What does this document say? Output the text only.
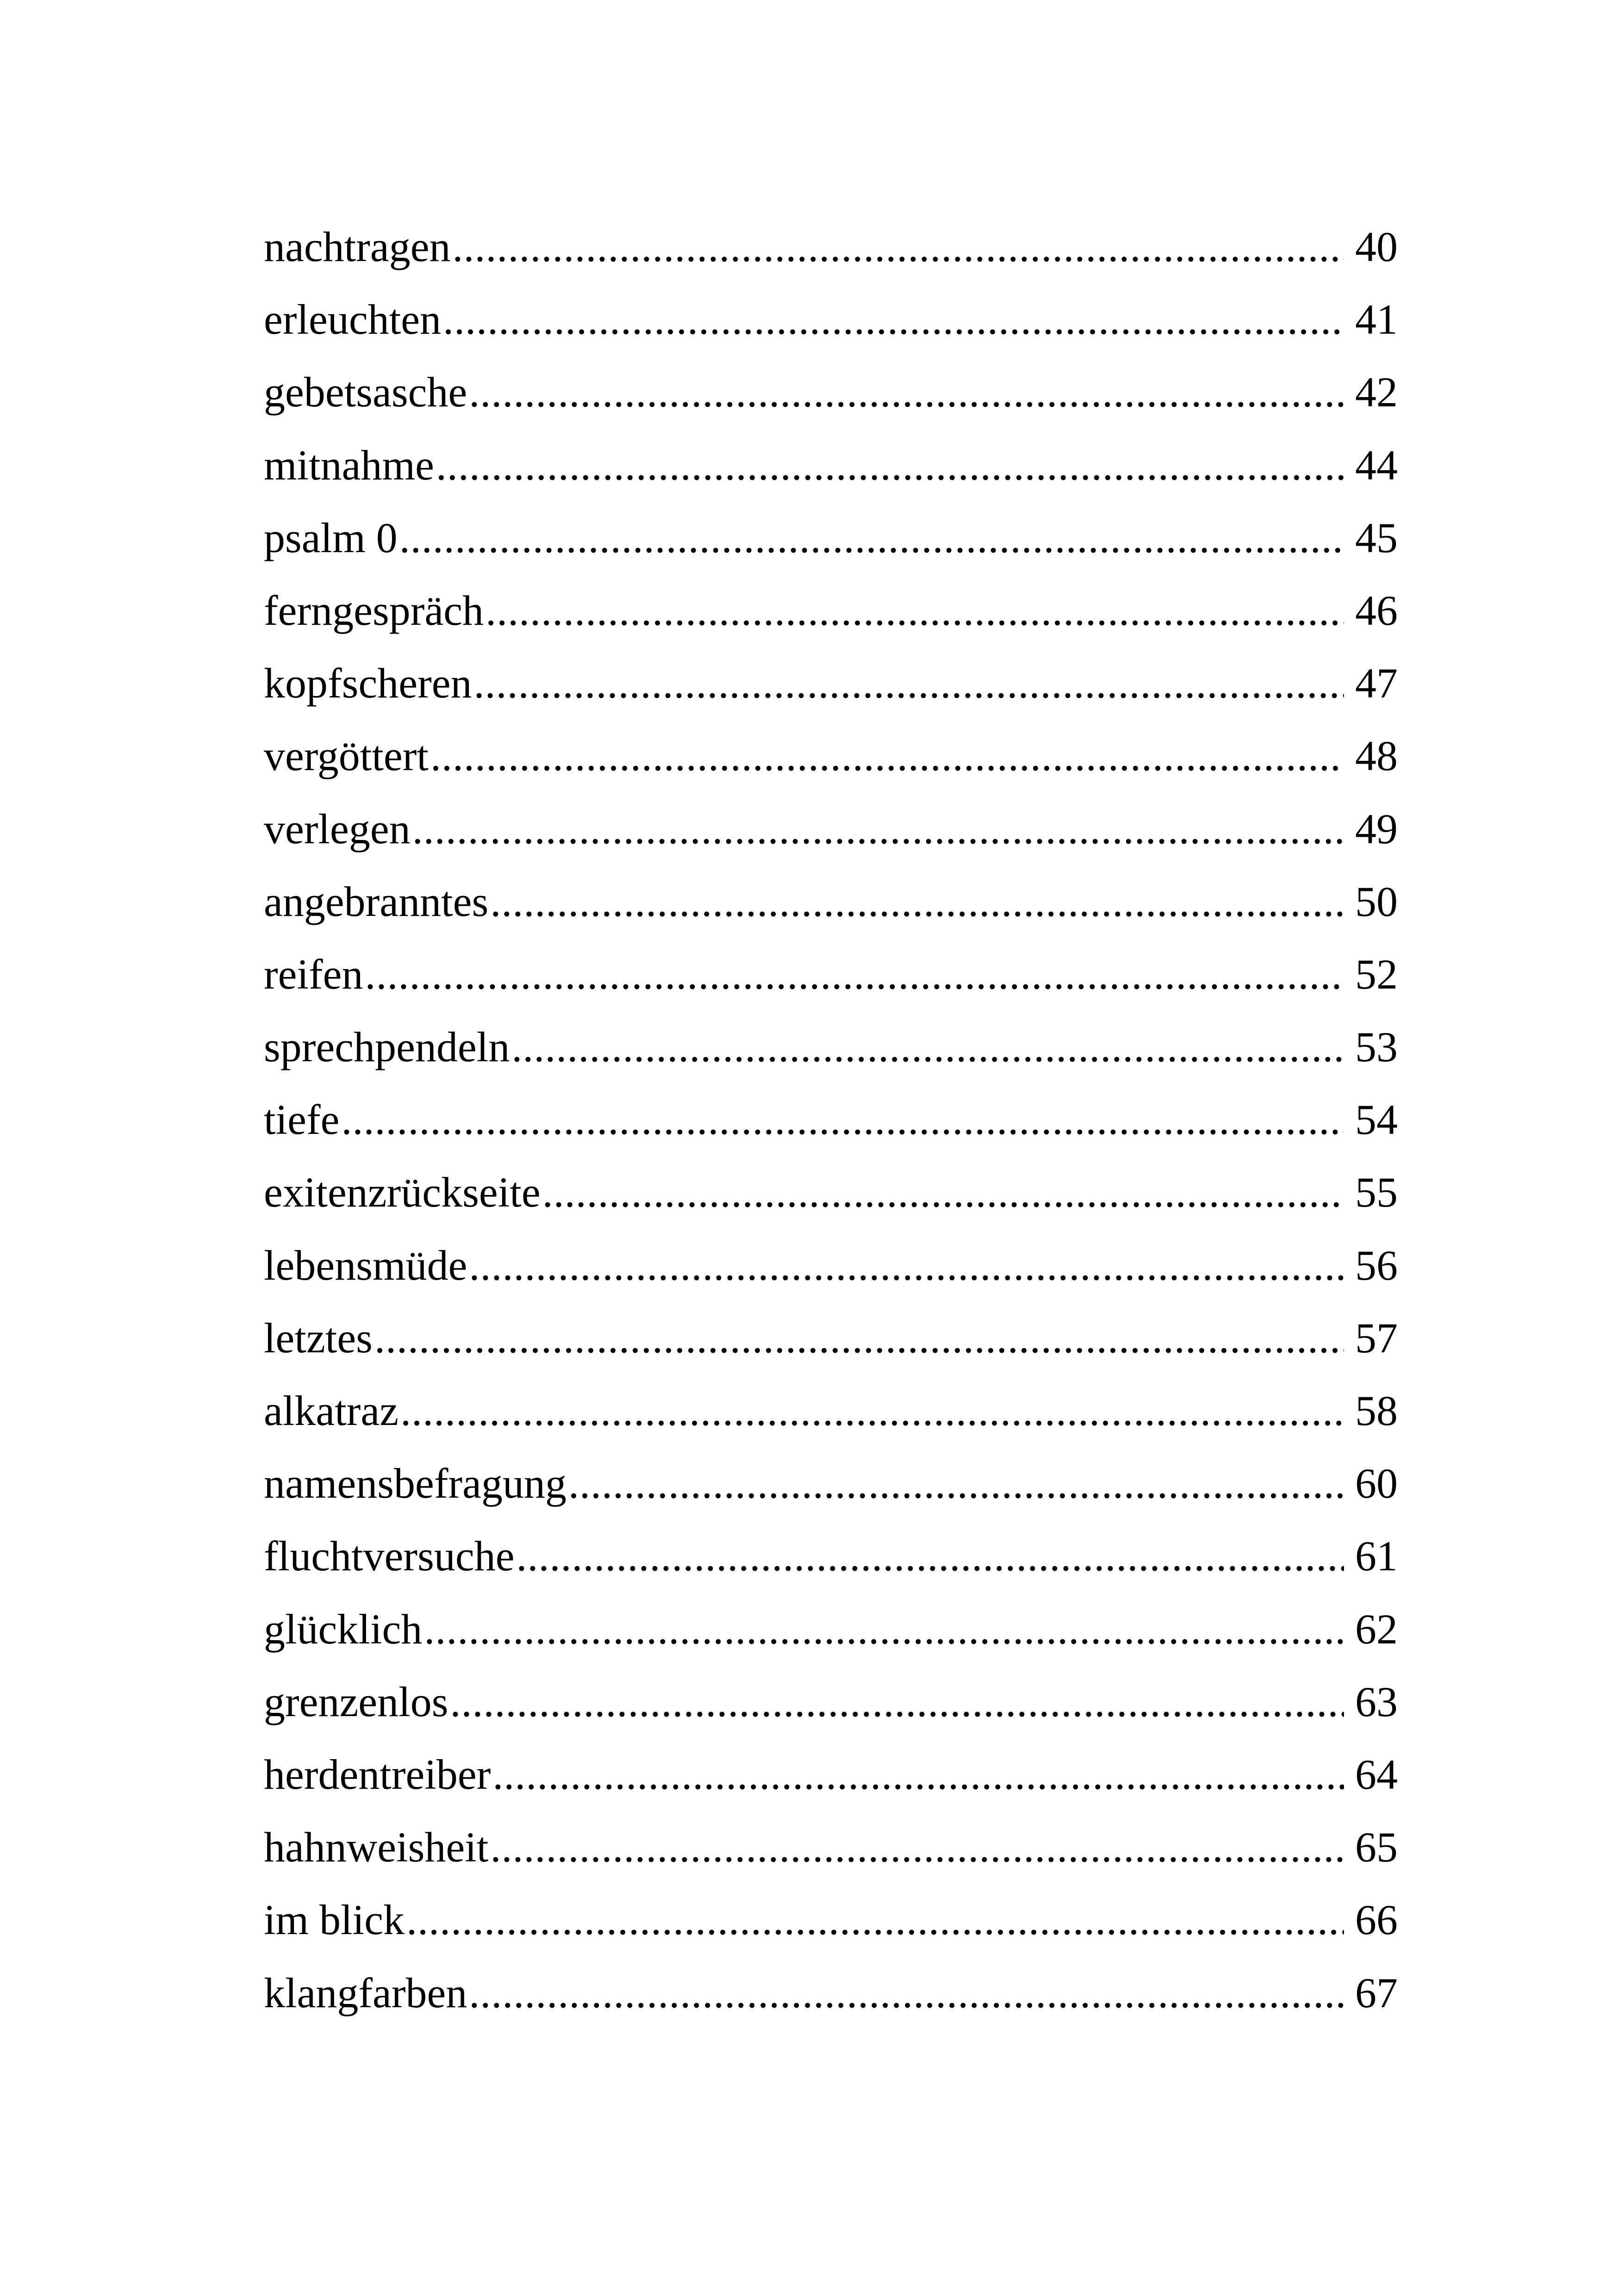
nachtragen .....	40
erleuchten .....	41
gebetsasche .....	42
mitnahme .....	44
psalm 0 .....	45
ferngespräch .....	46
kopfscheren .....	47
vergöttert .....	48
verlegen .....	49
angebranntes .....	50
reifen .....	52
sprechpendeln .....	53
tiefe .....	54
exitenzrückseite .....	55
lebensmüde .....	56
letztes .....	57
alkatraz .....	58
namensbefragung .....	60
fluchtversuche .....	61
glücklich .....	62
grenzenlos .....	63
herdentreiber .....	64
hahnweisheit .....	65
im blick .....	66
klangfarben .....	67
